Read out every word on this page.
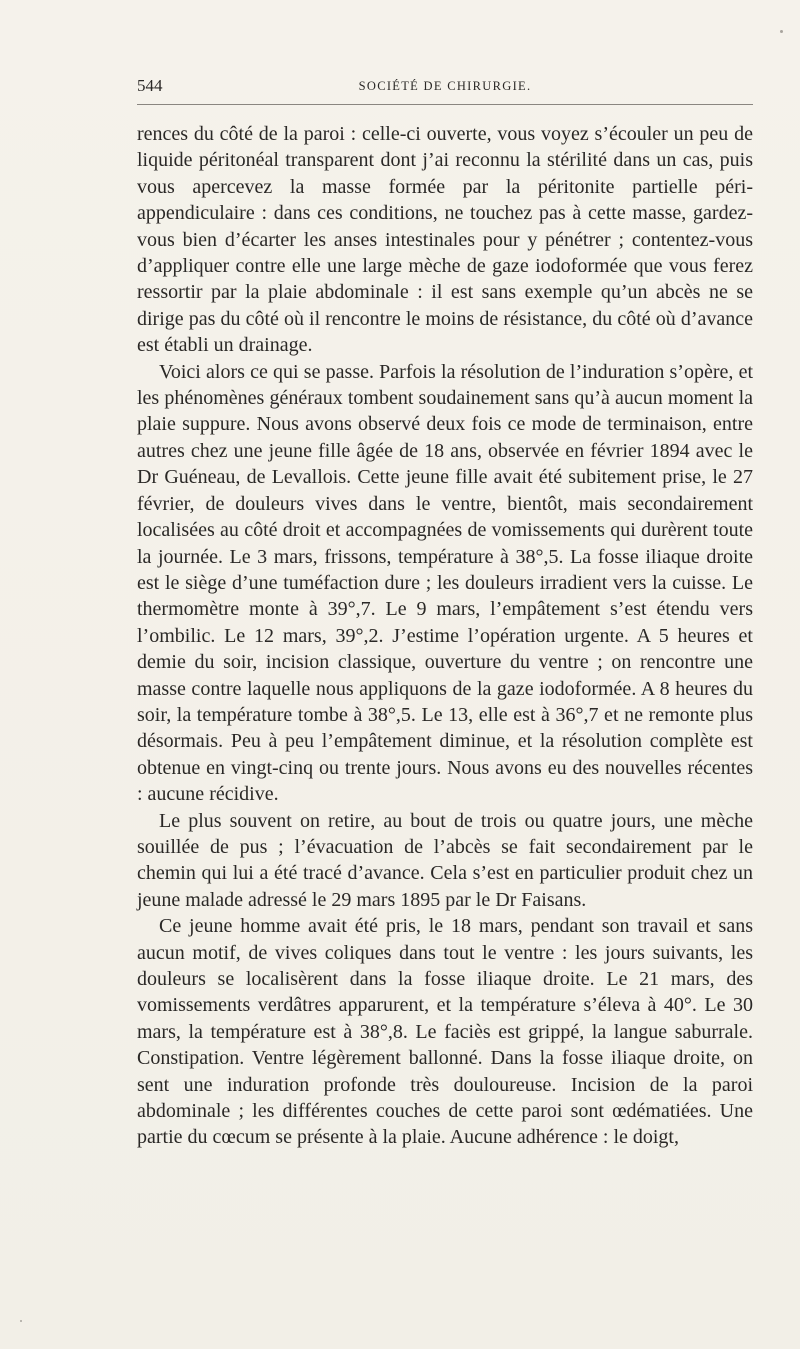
544	SOCIÉTÉ DE CHIRURGIE.

rences du côté de la paroi : celle-ci ouverte, vous voyez s’écouler un peu de liquide péritonéal transparent dont j’ai reconnu la stérilité dans un cas, puis vous apercevez la masse formée par la péritonite partielle péri-appendiculaire : dans ces conditions, ne touchez pas à cette masse, gardez-vous bien d’écarter les anses intestinales pour y pénétrer ; contentez-vous d’appliquer contre elle une large mèche de gaze iodoformée que vous ferez ressortir par la plaie abdominale : il est sans exemple qu’un abcès ne se dirige pas du côté où il rencontre le moins de résistance, du côté où d’avance est établi un drainage.

Voici alors ce qui se passe. Parfois la résolution de l’induration s’opère, et les phénomènes généraux tombent soudainement sans qu’à aucun moment la plaie suppure. Nous avons observé deux fois ce mode de terminaison, entre autres chez une jeune fille âgée de 18 ans, observée en février 1894 avec le Dr Guéneau, de Levallois. Cette jeune fille avait été subitement prise, le 27 février, de douleurs vives dans le ventre, bientôt, mais secondairement localisées au côté droit et accompagnées de vomissements qui durèrent toute la journée. Le 3 mars, frissons, température à 38°,5. La fosse iliaque droite est le siège d’une tuméfaction dure ; les douleurs irradient vers la cuisse. Le thermomètre monte à 39°,7. Le 9 mars, l’empâtement s’est étendu vers l’ombilic. Le 12 mars, 39°,2. J’estime l’opération urgente. A 5 heures et demie du soir, incision classique, ouverture du ventre ; on rencontre une masse contre laquelle nous appliquons de la gaze iodoformée. A 8 heures du soir, la température tombe à 38°,5. Le 13, elle est à 36°,7 et ne remonte plus désormais. Peu à peu l’empâtement diminue, et la résolution complète est obtenue en vingt-cinq ou trente jours. Nous avons eu des nouvelles récentes : aucune récidive.

Le plus souvent on retire, au bout de trois ou quatre jours, une mèche souillée de pus ; l’évacuation de l’abcès se fait secondairement par le chemin qui lui a été tracé d’avance. Cela s’est en particulier produit chez un jeune malade adressé le 29 mars 1895 par le Dr Faisans.

Ce jeune homme avait été pris, le 18 mars, pendant son travail et sans aucun motif, de vives coliques dans tout le ventre : les jours suivants, les douleurs se localisèrent dans la fosse iliaque droite. Le 21 mars, des vomissements verdâtres apparurent, et la température s’éleva à 40°. Le 30 mars, la température est à 38°,8. Le faciès est grippé, la langue saburrale. Constipation. Ventre légèrement ballonné. Dans la fosse iliaque droite, on sent une induration profonde très douloureuse. Incision de la paroi abdominale ; les différentes couches de cette paroi sont œdématiées. Une partie du cœcum se présente à la plaie. Aucune adhérence : le doigt,
